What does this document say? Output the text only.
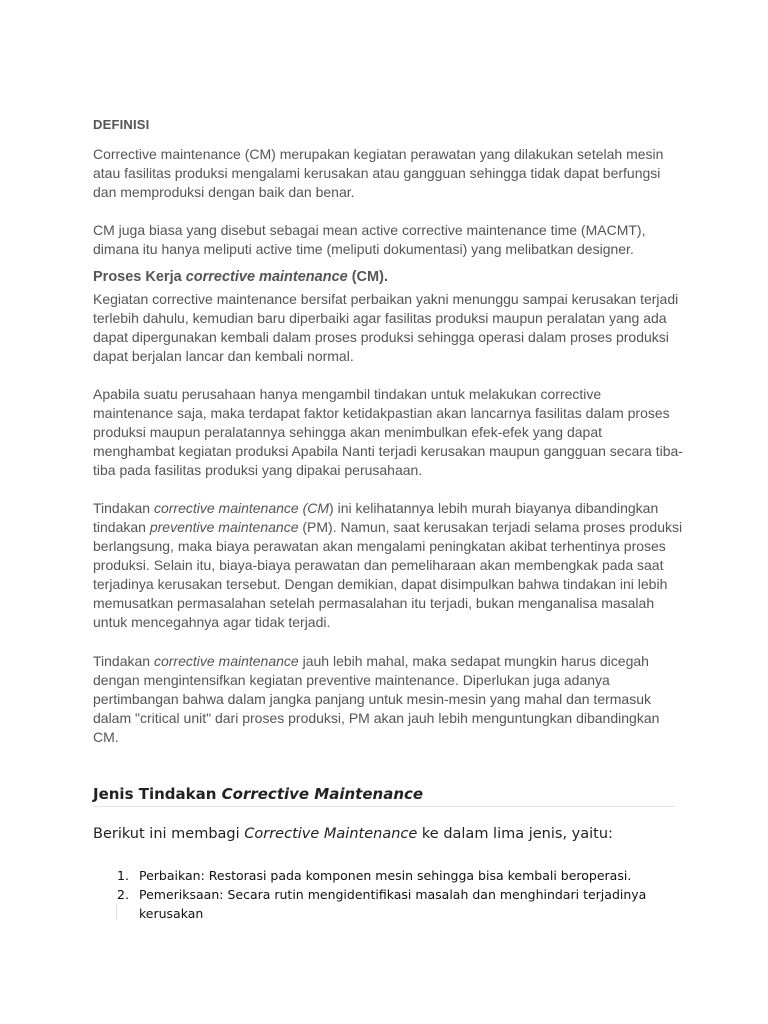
DEFINISI

Corrective maintenance (CM) merupakan kegiatan perawatan yang dilakukan setelah mesin atau fasilitas produksi mengalami kerusakan atau gangguan sehingga tidak dapat berfungsi dan memproduksi dengan baik dan benar.

CM juga biasa yang disebut sebagai mean active corrective maintenance time (MACMT), dimana itu hanya meliputi active time (meliputi dokumentasi) yang melibatkan designer.

Proses Kerja corrective maintenance (CM).

Kegiatan corrective maintenance bersifat perbaikan yakni menunggu sampai kerusakan terjadi terlebih dahulu, kemudian baru diperbaiki agar fasilitas produksi maupun peralatan yang ada dapat dipergunakan kembali dalam proses produksi sehingga operasi dalam proses produksi dapat berjalan lancar dan kembali normal.

Apabila suatu perusahaan hanya mengambil tindakan untuk melakukan corrective maintenance saja, maka terdapat faktor ketidakpastian akan lancarnya fasilitas dalam proses produksi maupun peralatannya sehingga akan menimbulkan efek-efek yang dapat menghambat kegiatan produksi Apabila Nanti terjadi kerusakan maupun gangguan secara tiba-tiba pada fasilitas produksi yang dipakai perusahaan.

Tindakan corrective maintenance (CM) ini kelihatannya lebih murah biayanya dibandingkan tindakan preventive maintenance (PM). Namun, saat kerusakan terjadi selama proses produksi berlangsung, maka biaya perawatan akan mengalami peningkatan akibat terhentinya proses produksi. Selain itu, biaya-biaya perawatan dan pemeliharaan akan membengkak pada saat terjadinya kerusakan tersebut. Dengan demikian, dapat disimpulkan bahwa tindakan ini lebih memusatkan permasalahan setelah permasalahan itu terjadi, bukan menganalisa masalah untuk mencegahnya agar tidak terjadi.

Tindakan corrective maintenance jauh lebih mahal, maka sedapat mungkin harus dicegah dengan mengintensifkan kegiatan preventive maintenance. Diperlukan juga adanya pertimbangan bahwa dalam jangka panjang untuk mesin-mesin yang mahal dan termasuk dalam "critical unit" dari proses produksi, PM akan jauh lebih menguntungkan dibandingkan CM.

Jenis Tindakan Corrective Maintenance
Berikut ini membagi Corrective Maintenance ke dalam lima jenis, yaitu:
1. Perbaikan: Restorasi pada komponen mesin sehingga bisa kembali beroperasi.
2. Pemeriksaan: Secara rutin mengidentifikasi masalah dan menghindari terjadinya kerusakan
